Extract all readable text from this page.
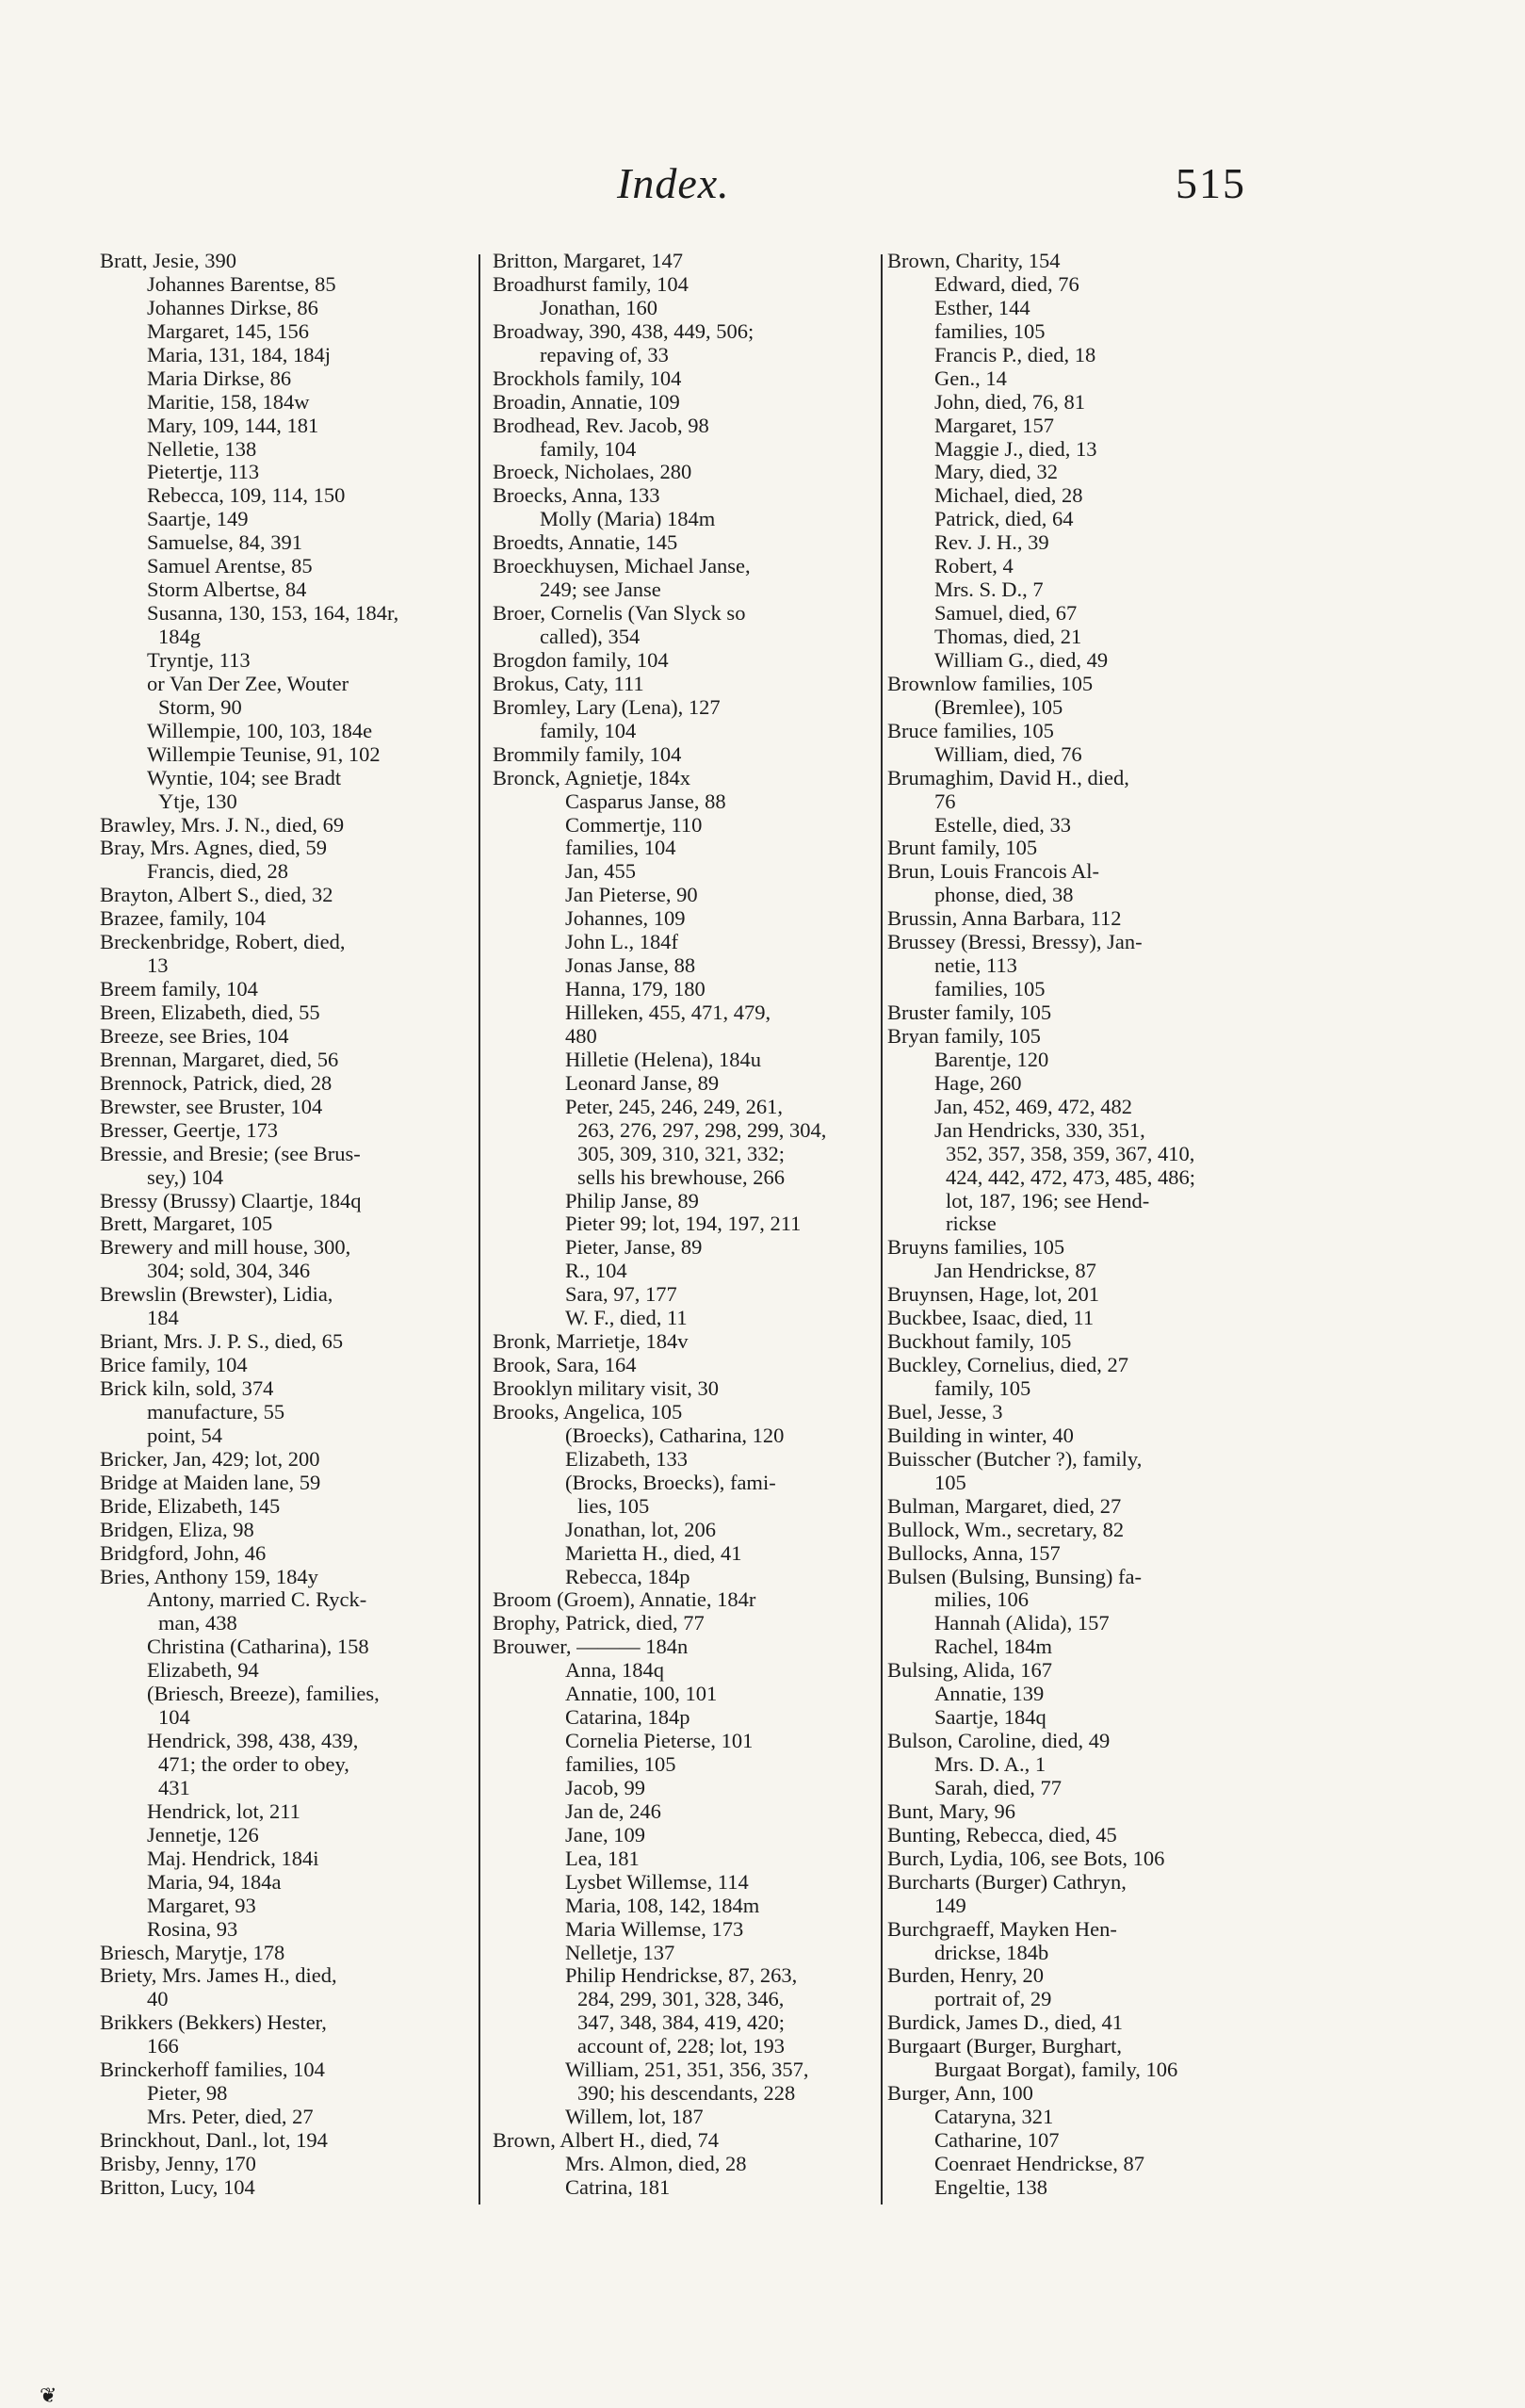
Index.	515
Bratt, Jesie, 390
Johannes Barentse, 85
Johannes Dirkse, 86
Margaret, 145, 156
Maria, 131, 184, 184j
Maria Dirkse, 86
Maritie, 158, 184w
Mary, 109, 144, 181
Nelletie, 138
Pietertje, 113
Rebecca, 109, 114, 150
Saartje, 149
Samuelse, 84, 391
Samuel Arentse, 85
Storm Albertse, 84
Susanna, 130, 153, 164, 184r,
184g
Tryntje, 113
or Van Der Zee, Wouter
Storm, 90
Willempie, 100, 103, 184e
Willempie Teunise, 91, 102
Wyntie, 104; see Bradt
Ytje, 130
Brawley, Mrs. J. N., died, 69
Bray, Mrs. Agnes, died, 59
Francis, died, 28
Brayton, Albert S., died, 32
Brazee, family, 104
Breckenbridge, Robert, died,
13
Breem family, 104
Breen, Elizabeth, died, 55
Breeze, see Bries, 104
Brennan, Margaret, died, 56
Brennock, Patrick, died, 28
Brewster, see Bruster, 104
Bresser, Geertje, 173
Bressie, and Bresie; (see Brus-
sey,) 104
Bressy (Brussy) Claartje, 184q
Brett, Margaret, 105
Brewery and mill house, 300,
304; sold, 304, 346
Brewslin (Brewster), Lidia,
184
Briant, Mrs. J. P. S., died, 65
Brice family, 104
Brick kiln, sold, 374
manufacture, 55
point, 54
Bricker, Jan, 429; lot, 200
Bridge at Maiden lane, 59
Bride, Elizabeth, 145
Bridgen, Eliza, 98
Bridgford, John, 46
Bries, Anthony 159, 184y
Antony, married C. Ryck-
man, 438
Christina (Catharina), 158
Elizabeth, 94
(Briesch, Breeze), families,
104
Hendrick, 398, 438, 439,
471; the order to obey,
431
Hendrick, lot, 211
Jennetje, 126
Maj. Hendrick, 184i
Maria, 94, 184a
Margaret, 93
Rosina, 93
Briesch, Marytje, 178
Briety, Mrs. James H., died,
40
Brikkers (Bekkers) Hester,
166
Brinckerhoff families, 104
Pieter, 98
Mrs. Peter, died, 27
Brinckhout, Danl., lot, 194
Brisby, Jenny, 170
Britton, Lucy, 104
Britton, Margaret, 147
Broadhurst family, 104
Jonathan, 160
Broadway, 390, 438, 449, 506;
repaving of, 33
Brockhols family, 104
Broadin, Annatie, 109
Brodhead, Rev. Jacob, 98
family, 104
Broeck, Nicholaes, 280
Broecks, Anna, 133
Molly (Maria) 184m
Broedts, Annatie, 145
Broeckhuysen, Michael Janse,
249; see Janse
Broer, Cornelis (Van Slyck so
called), 354
Brogdon family, 104
Brokus, Caty, 111
Bromley, Lary (Lena), 127
family, 104
Brommily family, 104
Bronck, Agnietje, 184x
Casparus Janse, 88
Commertje, 110
families, 104
Jan, 455
Jan Pieterse, 90
Johannes, 109
John L., 184f
Jonas Janse, 88
Hanna, 179, 180
Hilleken, 455, 471, 479,
480
Hilletie (Helena), 184u
Leonard Janse, 89
Peter, 245, 246, 249, 261,
263, 276, 297, 298, 299, 304,
305, 309, 310, 321, 332;
sells his brewhouse, 266
Philip Janse, 89
Pieter 99; lot, 194, 197, 211
Pieter, Janse, 89
R., 104
Sara, 97, 177
W. F., died, 11
Bronk, Marrietje, 184v
Brook, Sara, 164
Brooklyn military visit, 30
Brooks, Angelica, 105
(Broecks), Catharina, 120
Elizabeth, 133
(Brocks, Broecks), fami-
lies, 105
Jonathan, lot, 206
Marietta H., died, 41
Rebecca, 184p
Broom (Groem), Annatie, 184r
Brophy, Patrick, died, 77
Brouwer, ——— 184n
Anna, 184q
Annatie, 100, 101
Catarina, 184p
Cornelia Pieterse, 101
families, 105
Jacob, 99
Jan de, 246
Jane, 109
Lea, 181
Lysbet Willemse, 114
Maria, 108, 142, 184m
Maria Willemse, 173
Nelletje, 137
Philip Hendrickse, 87, 263,
284, 299, 301, 328, 346,
347, 348, 384, 419, 420;
account of, 228; lot, 193
William, 251, 351, 356, 357,
390; his descendants, 228
Willem, lot, 187
Brown, Albert H., died, 74
Mrs. Almon, died, 28
Catrina, 181
Brown, Charity, 154
Edward, died, 76
Esther, 144
families, 105
Francis P., died, 18
Gen., 14
John, died, 76, 81
Margaret, 157
Maggie J., died, 13
Mary, died, 32
Michael, died, 28
Patrick, died, 64
Rev. J. H., 39
Robert, 4
Mrs. S. D., 7
Samuel, died, 67
Thomas, died, 21
William G., died, 49
Brownlow families, 105
(Bremlee), 105
Bruce families, 105
William, died, 76
Brumaghim, David H., died,
76
Estelle, died, 33
Brunt family, 105
Brun, Louis Francois Al-
phonse, died, 38
Brussin, Anna Barbara, 112
Brussey (Bressi, Bressy), Jan-
netie, 113
families, 105
Bruster family, 105
Bryan family, 105
Barentje, 120
Hage, 260
Jan, 452, 469, 472, 482
Jan Hendricks, 330, 351,
352, 357, 358, 359, 367, 410,
424, 442, 472, 473, 485, 486;
lot, 187, 196; see Hend-
rickse
Bruyns families, 105
Jan Hendrickse, 87
Bruynsen, Hage, lot, 201
Buckbee, Isaac, died, 11
Buckhout family, 105
Buckley, Cornelius, died, 27
family, 105
Buel, Jesse, 3
Building in winter, 40
Buisscher (Butcher ?), family,
105
Bulman, Margaret, died, 27
Bullock, Wm., secretary, 82
Bullocks, Anna, 157
Bulsen (Bulsing, Bunsing) fa-
milies, 106
Hannah (Alida), 157
Rachel, 184m
Bulsing, Alida, 167
Annatie, 139
Saartje, 184q
Bulson, Caroline, died, 49
Mrs. D. A., 1
Sarah, died, 77
Bunt, Mary, 96
Bunting, Rebecca, died, 45
Burch, Lydia, 106, see Bots, 106
Burcharts (Burger) Cathryn,
149
Burchgraeff, Mayken Hen-
drickse, 184b
Burden, Henry, 20
portrait of, 29
Burdick, James D., died, 41
Burgaart (Burger, Burghart,
Burgaat Borgat), family, 106
Burger, Ann, 100
Cataryna, 321
Catharine, 107
Coenraet Hendrickse, 87
Engeltie, 138
❦
